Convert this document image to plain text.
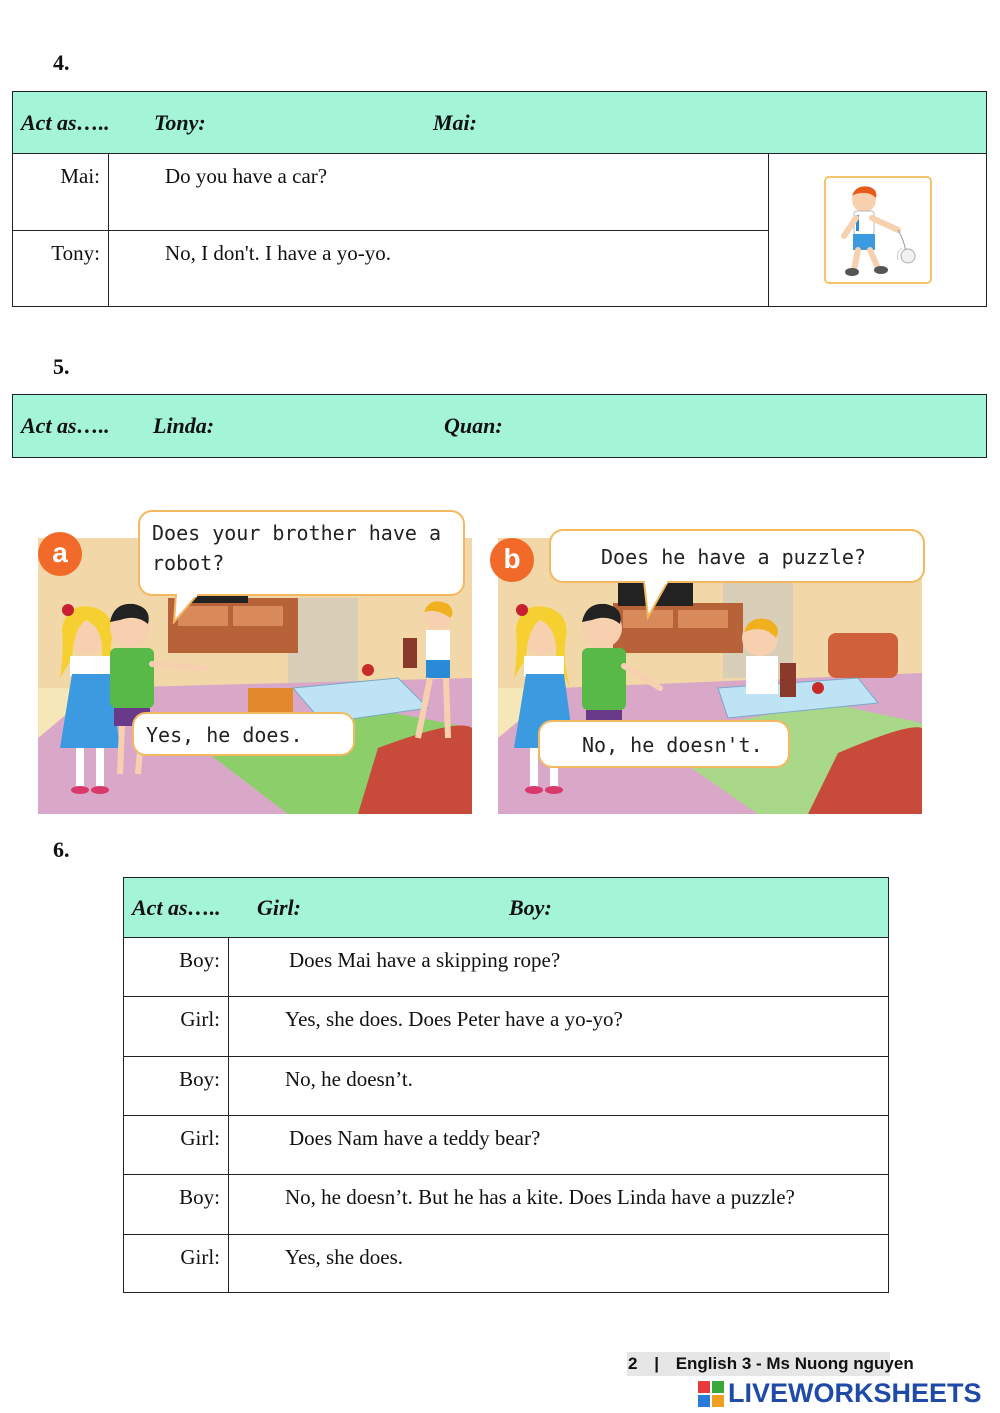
4.
Act as….. Tony:	Mai:
Mai:	Do you have a car?	

Tony:	No, I don't. I have a yo-yo.	
5.
Act as….. Linda:	Quan:
a
Does your brother have a
robot?
Yes, he does.
b	Does he have a puzzle?
No, he doesn't.
6.
Act as….. Girl:	Boy:
Boy:	Does Mai have a skipping rope?
Girl:	Yes, she does. Does Peter have a yo-yo?
Boy:	No, he doesn’t.
Girl:	Does Nam have a teddy bear?
Boy:	No, he doesn’t. But he has a kite. Does Linda have a puzzle?
Girl:	Yes, she does.
2 | English 3 - Ms Nuong nguyen
LIVEWORKSHEETS
